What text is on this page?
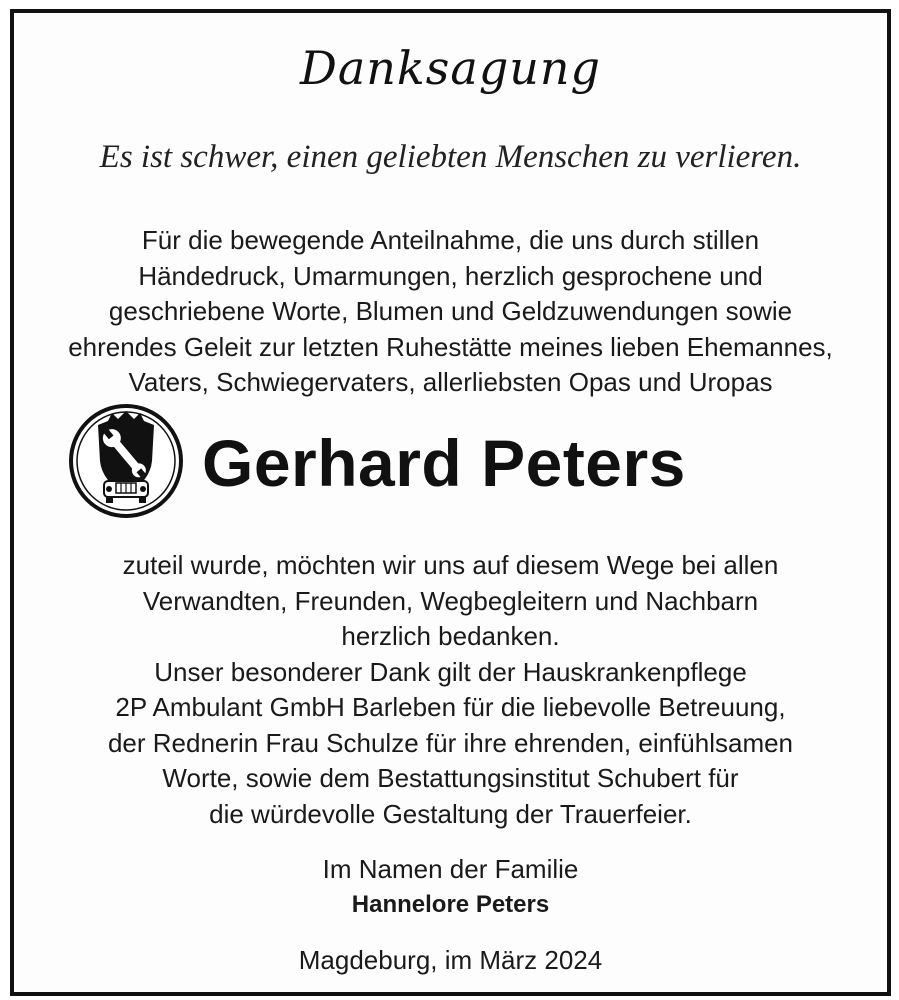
Danksagung
Es ist schwer, einen geliebten Menschen zu verlieren.
Für die bewegende Anteilnahme, die uns durch stillen
Händedruck, Umarmungen, herzlich gesprochene und
geschriebene Worte, Blumen und Geldzuwendungen sowie
ehrendes Geleit zur letzten Ruhestätte meines lieben Ehemannes,
Vaters, Schwiegervaters, allerliebsten Opas und Uropas
Gerhard Peters
zuteil wurde, möchten wir uns auf diesem Wege bei allen
Verwandten, Freunden, Wegbegleitern und Nachbarn
herzlich bedanken.
Unser besonderer Dank gilt der Hauskrankenpflege
2P Ambulant GmbH Barleben für die liebevolle Betreuung,
der Rednerin Frau Schulze für ihre ehrenden, einfühlsamen
Worte, sowie dem Bestattungsinstitut Schubert für
die würdevolle Gestaltung der Trauerfeier.
Im Namen der Familie
Hannelore Peters
Magdeburg, im März 2024
